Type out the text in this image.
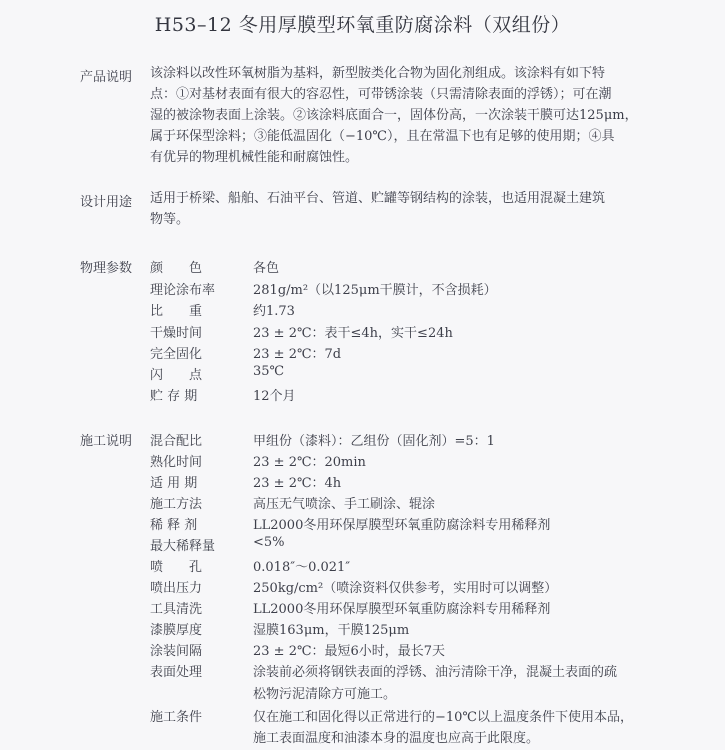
H53–12 冬用厚膜型环氧重防腐涂料（双组份）
产品说明 该涂料以改性环氧树脂为基料，新型胺类化合物为固化剂组成。该涂料有如下特
点：①对基材表面有很大的容忍性，可带锈涂装（只需清除表面的浮锈）；可在潮
湿的被涂物表面上涂装。②该涂料底面合一，固体份高，一次涂装干膜可达125μm，
属于环保型涂料；③能低温固化（−10℃），且在常温下也有足够的使用期；④具
有优异的物理机械性能和耐腐蚀性。
设计用途 适用于桥梁、船舶、石油平台、管道、贮罐等钢结构的涂装，也适用混凝土建筑
物等。
物理参数 颜　　色	各色
理论涂布率	281g/m²（以125μm干膜计，不含损耗）
比　　重	约1.73
干燥时间	23 ± 2℃：表干≤4h，实干≤24h
完全固化	23 ± 2℃：7d
闪　　点	35℃
贮 存 期	12个月
施工说明 混合配比	甲组份（漆料）：乙组份（固化剂）=5：1
熟化时间	23 ± 2℃：20min
适 用 期	23 ± 2℃：4h
施工方法	高压无气喷涂、手工刷涂、辊涂
稀 释 剂	LL2000冬用环保厚膜型环氧重防腐涂料专用稀释剂
最大稀释量	<5%
喷　　孔	0.018″～0.021″
喷出压力	250kg/cm²（喷涂资料仅供参考，实用时可以调整）
工具清洗	LL2000冬用环保厚膜型环氧重防腐涂料专用稀释剂
漆膜厚度	湿膜163μm，干膜125μm
涂装间隔	23 ± 2℃：最短6小时，最长7天
表面处理	涂装前必须将钢铁表面的浮锈、油污清除干净，混凝土表面的疏
松物污泥清除方可施工。
施工条件	仅在施工和固化得以正常进行的−10℃以上温度条件下使用本品，
施工表面温度和油漆本身的温度也应高于此限度。
